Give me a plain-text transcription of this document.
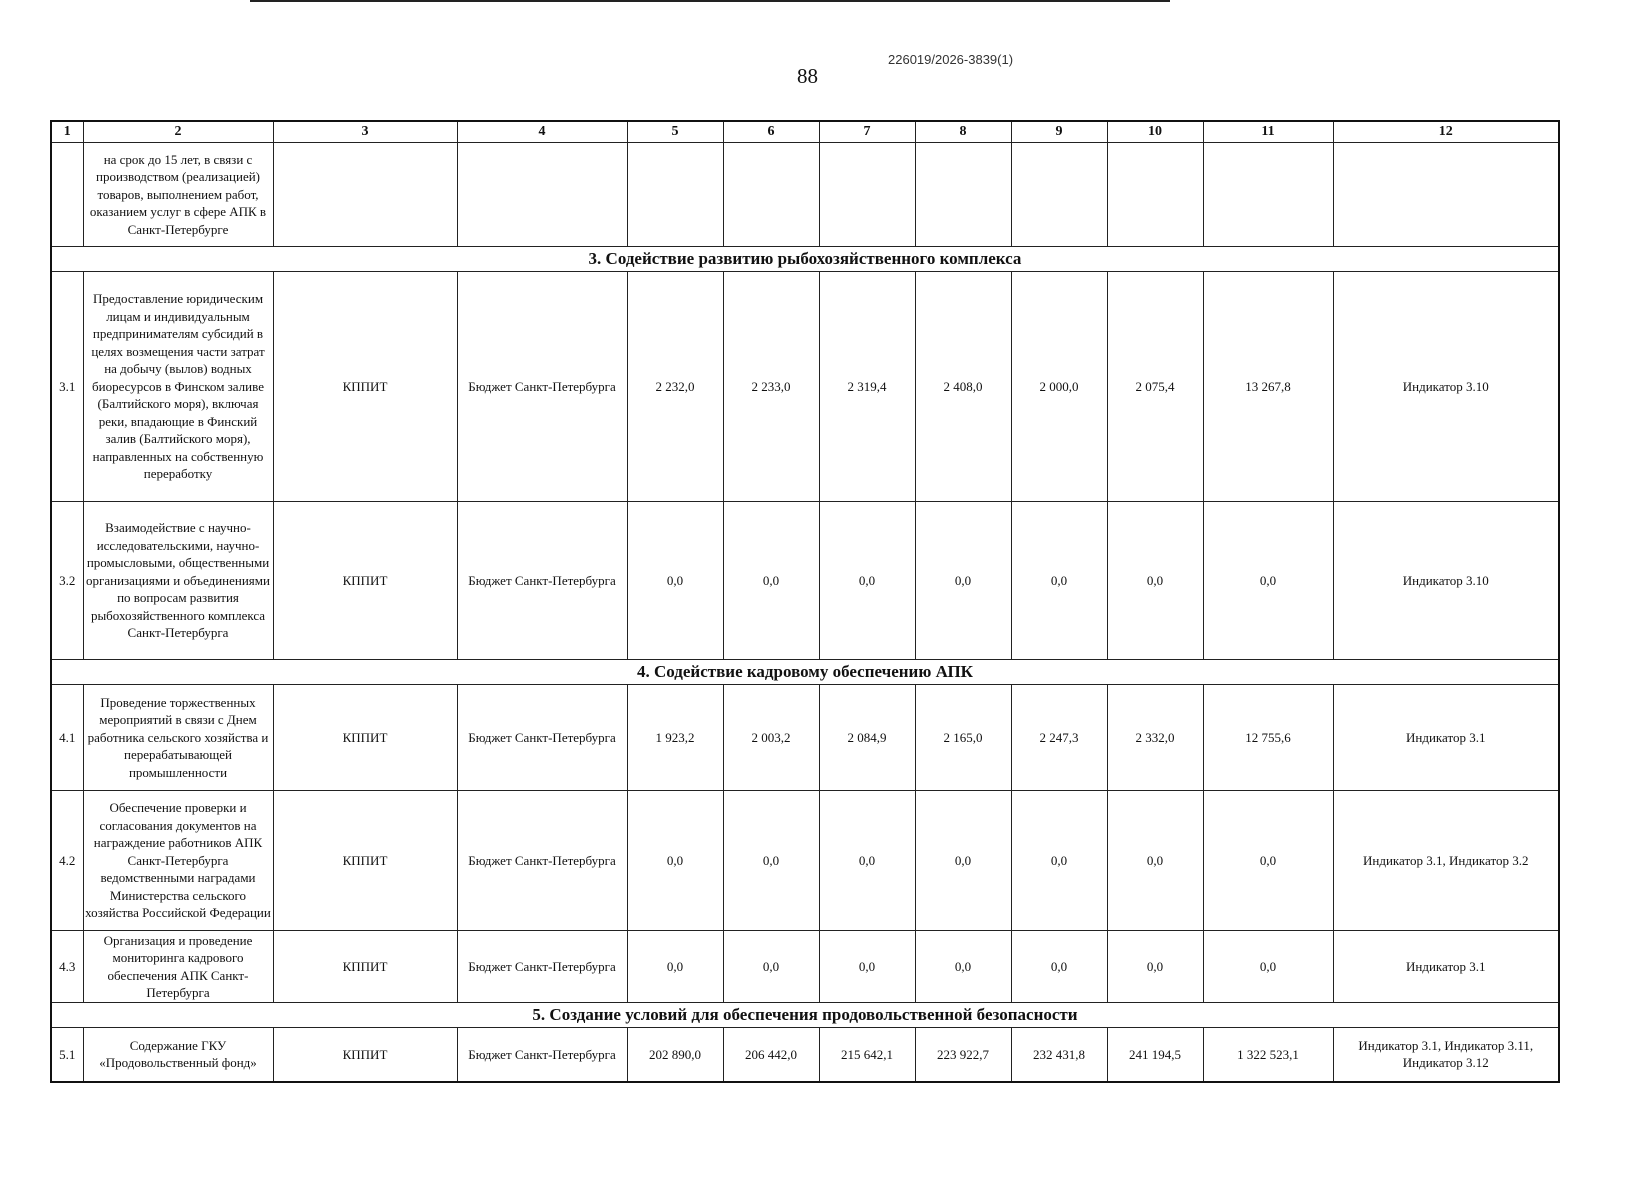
226019/2026-3839(1)
88
1	2	3	4	5	6	7	8	9	10	11	12
	на срок до 15 лет, в связи с производством (реализацией) товаров, выполнением работ, оказанием услуг в сфере АПК в Санкт-Петербурге										
3. Содействие развитию рыбохозяйственного комплекса											
3.1	Предоставление юридическим лицам и индивидуальным предпринимателям субсидий в целях возмещения части затрат на добычу (вылов) водных биоресурсов в Финском заливе (Балтийского моря), включая реки, впадающие в Финский залив (Балтийского моря), направленных на собственную переработку	КППИТ	Бюджет Санкт-Петербурга	2 232,0	2 233,0	2 319,4	2 408,0	2 000,0	2 075,4	13 267,8	Индикатор 3.10
3.2	Взаимодействие с научно-исследовательскими, научно-промысловыми, общественными организациями и объединениями по вопросам развития рыбохозяйственного комплекса Санкт-Петербурга	КППИТ	Бюджет Санкт-Петербурга	0,0	0,0	0,0	0,0	0,0	0,0	0,0	Индикатор 3.10
4. Содействие кадровому обеспечению АПК											
4.1	Проведение торжественных мероприятий в связи с Днем работника сельского хозяйства и перерабатывающей промышленности	КППИТ	Бюджет Санкт-Петербурга	1 923,2	2 003,2	2 084,9	2 165,0	2 247,3	2 332,0	12 755,6	Индикатор 3.1
4.2	Обеспечение проверки и согласования документов на награждение работников АПК Санкт-Петербурга ведомственными наградами Министерства сельского хозяйства Российской Федерации	КППИТ	Бюджет Санкт-Петербурга	0,0	0,0	0,0	0,0	0,0	0,0	0,0	Индикатор 3.1, Индикатор 3.2
4.3	Организация и проведение мониторинга кадрового обеспечения АПК Санкт-Петербурга	КППИТ	Бюджет Санкт-Петербурга	0,0	0,0	0,0	0,0	0,0	0,0	0,0	Индикатор 3.1
5. Создание условий для обеспечения продовольственной безопасности											
5.1	Содержание ГКУ «Продовольственный фонд»	КППИТ	Бюджет Санкт-Петербурга	202 890,0	206 442,0	215 642,1	223 922,7	232 431,8	241 194,5	1 322 523,1	Индикатор 3.1, Индикатор 3.11, Индикатор 3.12
